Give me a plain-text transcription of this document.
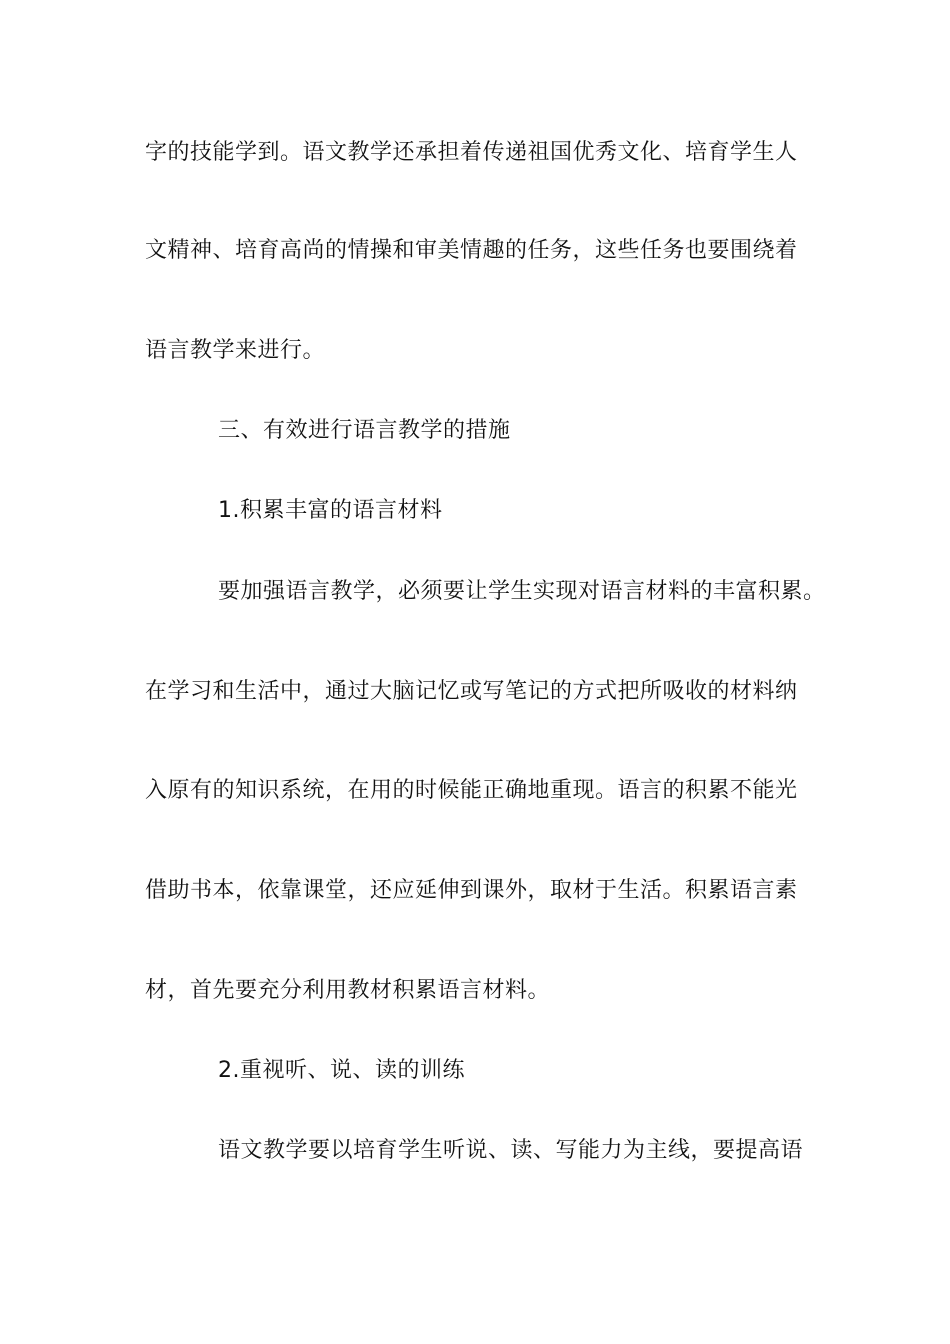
字的技能学到。语文教学还承担着传递祖国优秀文化、培育学生人
文精神、培育高尚的情操和审美情趣的任务，这些任务也要围绕着
语言教学来进行。
三、有效进行语言教学的措施
1.积累丰富的语言材料
要加强语言教学，必须要让学生实现对语言材料的丰富积累。
在学习和生活中，通过大脑记忆或写笔记的方式把所吸收的材料纳
入原有的知识系统，在用的时候能正确地重现。语言的积累不能光
借助书本，依靠课堂，还应延伸到课外，取材于生活。积累语言素
材，首先要充分利用教材积累语言材料。
2.重视听、说、读的训练
语文教学要以培育学生听说、读、写能力为主线，要提高语
